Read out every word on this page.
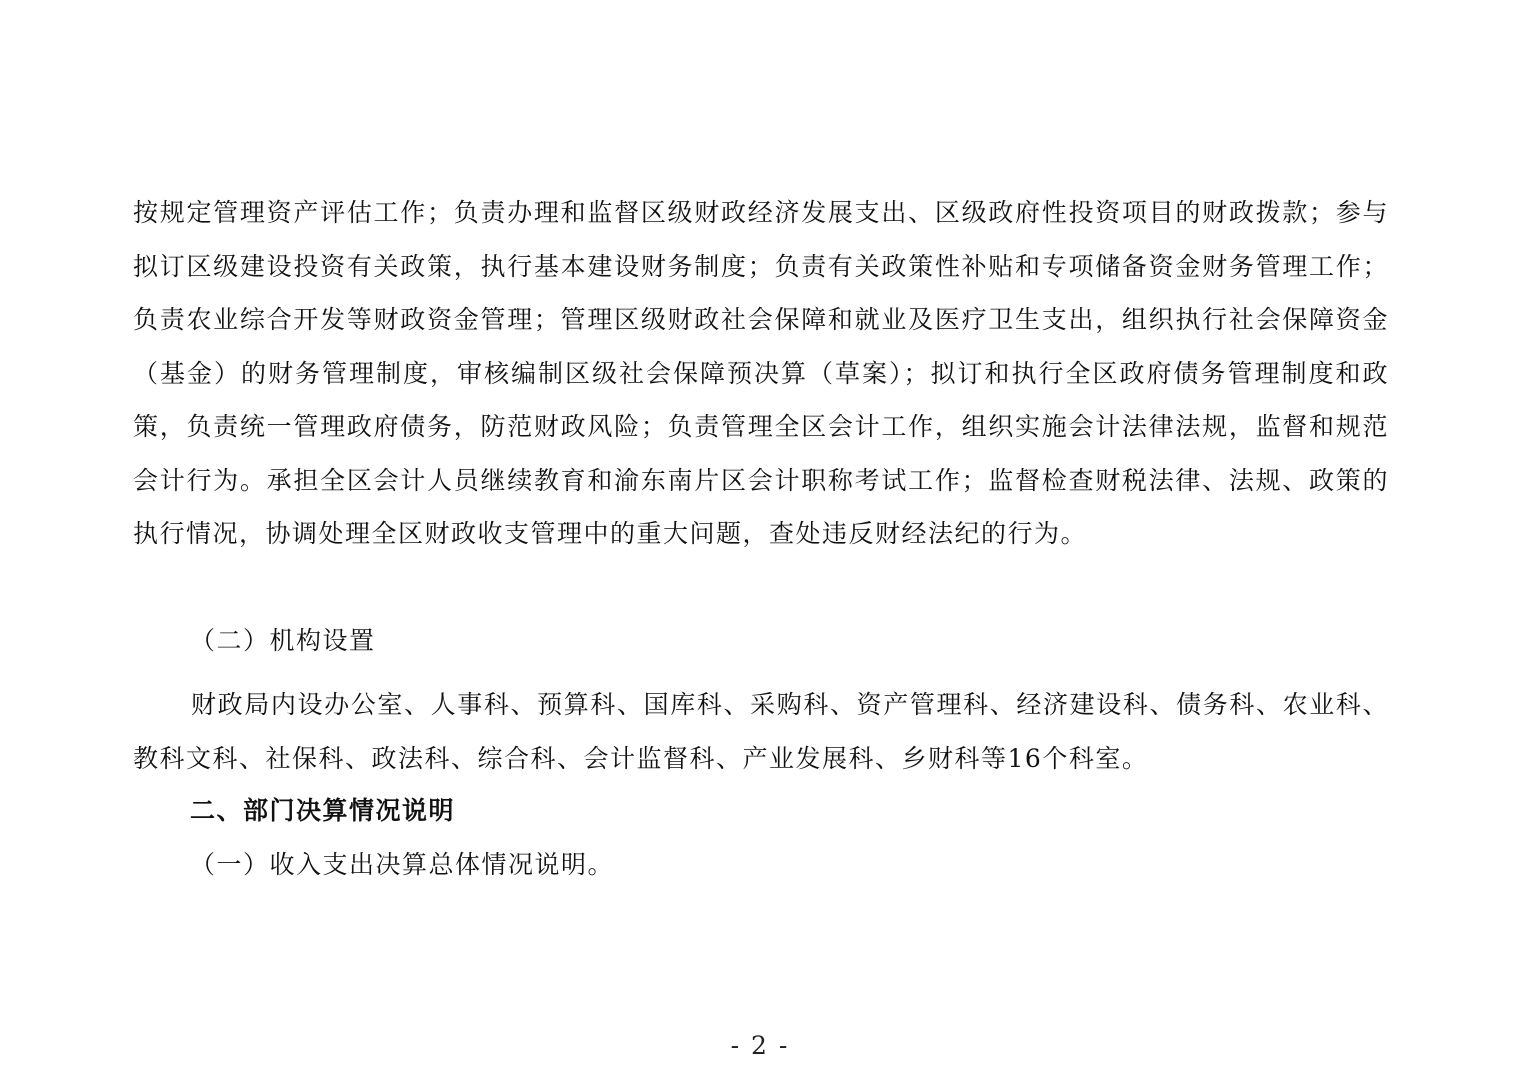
按规定管理资产评估工作；负责办理和监督区级财政经济发展支出、区级政府性投资项目的财政拨款；参与拟订区级建设投资有关政策，执行基本建设财务制度；负责有关政策性补贴和专项储备资金财务管理工作；负责农业综合开发等财政资金管理；管理区级财政社会保障和就业及医疗卫生支出，组织执行社会保障资金（基金）的财务管理制度，审核编制区级社会保障预决算（草案）；拟订和执行全区政府债务管理制度和政策，负责统一管理政府债务，防范财政风险；负责管理全区会计工作，组织实施会计法律法规，监督和规范会计行为。承担全区会计人员继续教育和渝东南片区会计职称考试工作；监督检查财税法律、法规、政策的执行情况，协调处理全区财政收支管理中的重大问题，查处违反财经法纪的行为。

（二）机构设置

财政局内设办公室、人事科、预算科、国库科、采购科、资产管理科、经济建设科、债务科、农业科、教科文科、社保科、政法科、综合科、会计监督科、产业发展科、乡财科等16个科室。

二、部门决算情况说明
（一）收入支出决算总体情况说明。
- 2 -
